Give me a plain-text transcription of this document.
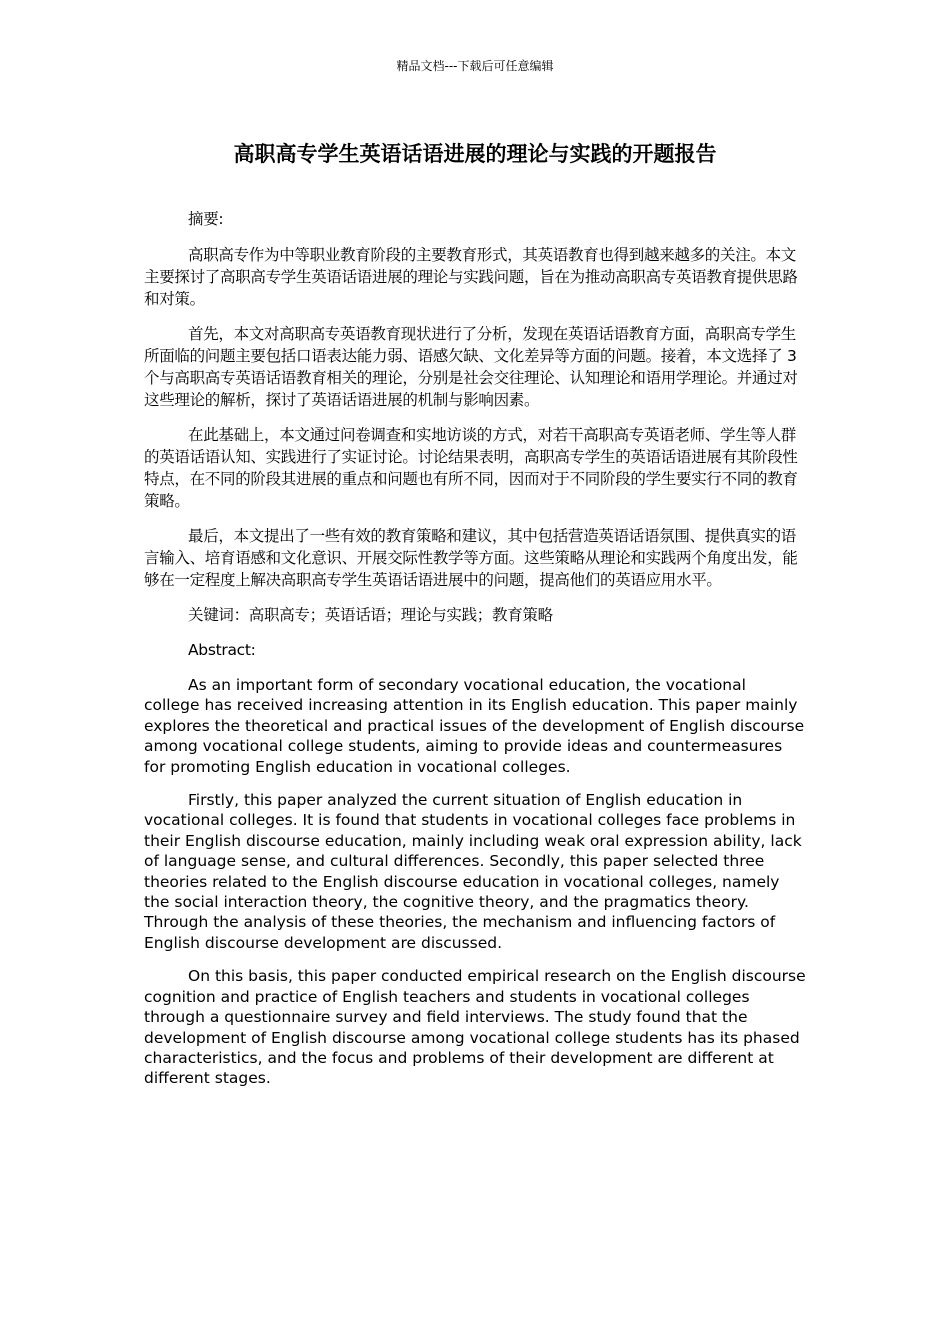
精品文档---下载后可任意编辑
高职高专学生英语话语进展的理论与实践的开题报告

摘要:

高职高专作为中等职业教育阶段的主要教育形式，其英语教育也得到越来越多的关注。本文主要探讨了高职高专学生英语话语进展的理论与实践问题，旨在为推动高职高专英语教育提供思路和对策。

首先，本文对高职高专英语教育现状进行了分析，发现在英语话语教育方面，高职高专学生所面临的问题主要包括口语表达能力弱、语感欠缺、文化差异等方面的问题。接着，本文选择了 3 个与高职高专英语话语教育相关的理论，分别是社会交往理论、认知理论和语用学理论。并通过对这些理论的解析，探讨了英语话语进展的机制与影响因素。

在此基础上，本文通过问卷调查和实地访谈的方式，对若干高职高专英语老师、学生等人群的英语话语认知、实践进行了实证讨论。讨论结果表明，高职高专学生的英语话语进展有其阶段性特点，在不同的阶段其进展的重点和问题也有所不同，因而对于不同阶段的学生要实行不同的教育策略。

最后，本文提出了一些有效的教育策略和建议，其中包括营造英语话语氛围、提供真实的语言输入、培育语感和文化意识、开展交际性教学等方面。这些策略从理论和实践两个角度出发，能够在一定程度上解决高职高专学生英语话语进展中的问题，提高他们的英语应用水平。

关键词：高职高专；英语话语；理论与实践；教育策略

Abstract:

As an important form of secondary vocational education, the vocational college has received increasing attention in its English education. This paper mainly explores the theoretical and practical issues of the development of English discourse among vocational college students, aiming to provide ideas and countermeasures for promoting English education in vocational colleges.

Firstly, this paper analyzed the current situation of English education in vocational colleges. It is found that students in vocational colleges face problems in their English discourse education, mainly including weak oral expression ability, lack of language sense, and cultural differences. Secondly, this paper selected three theories related to the English discourse education in vocational colleges, namely the social interaction theory, the cognitive theory, and the pragmatics theory. Through the analysis of these theories, the mechanism and influencing factors of English discourse development are discussed.

On this basis, this paper conducted empirical research on the English discourse cognition and practice of English teachers and students in vocational colleges through a questionnaire survey and field interviews. The study found that the development of English discourse among vocational college students has its phased characteristics, and the focus and problems of their development are different at different stages.
